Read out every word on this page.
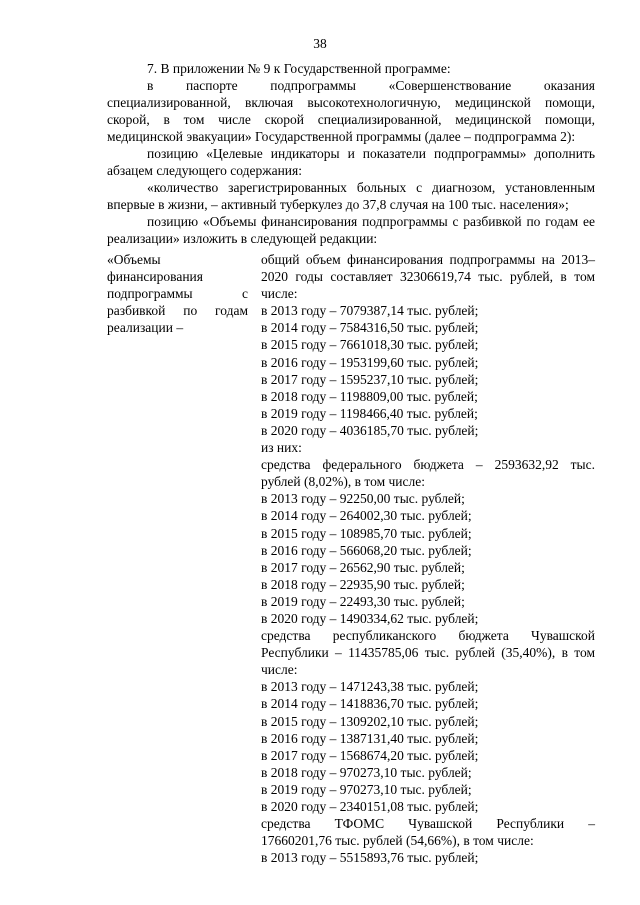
38

7. В приложении № 9 к Государственной программе:

в паспорте подпрограммы «Совершенствование оказания специализированной, включая высокотехнологичную, медицинской помощи, скорой, в том числе скорой специализированной, медицинской помощи, медицинской эвакуации» Государственной программы (далее – подпрограмма 2):

позицию «Целевые индикаторы и показатели подпрограммы» дополнить абзацем следующего содержания:

«количество зарегистрированных больных с диагнозом, установленным впервые в жизни, – активный туберкулез до 37,8 случая на 100 тыс. населения»;

позицию «Объемы финансирования подпрограммы с разбивкой по годам ее реализации» изложить в следующей редакции:

«Объемы финансирования подпрограммы с разбивкой по годам реализации –

общий объем финансирования подпрограммы на 2013–2020 годы составляет 32306619,74 тыс. рублей, в том числе:

в 2013 году – 7079387,14 тыс. рублей;

в 2014 году – 7584316,50 тыс. рублей;

в 2015 году – 7661018,30 тыс. рублей;

в 2016 году – 1953199,60 тыс. рублей;

в 2017 году – 1595237,10 тыс. рублей;

в 2018 году – 1198809,00 тыс. рублей;

в 2019 году – 1198466,40 тыс. рублей;

в 2020 году – 4036185,70 тыс. рублей;

из них:

средства федерального бюджета – 2593632,92 тыс. рублей (8,02%), в том числе:

в 2013 году – 92250,00 тыс. рублей;

в 2014 году – 264002,30 тыс. рублей;

в 2015 году – 108985,70 тыс. рублей;

в 2016 году – 566068,20 тыс. рублей;

в 2017 году – 26562,90 тыс. рублей;

в 2018 году – 22935,90 тыс. рублей;

в 2019 году – 22493,30 тыс. рублей;

в 2020 году – 1490334,62 тыс. рублей;

средства республиканского бюджета Чувашской Республики – 11435785,06 тыс. рублей (35,40%), в том числе:

в 2013 году – 1471243,38 тыс. рублей;

в 2014 году – 1418836,70 тыс. рублей;

в 2015 году – 1309202,10 тыс. рублей;

в 2016 году – 1387131,40 тыс. рублей;

в 2017 году – 1568674,20 тыс. рублей;

в 2018 году – 970273,10 тыс. рублей;

в 2019 году – 970273,10 тыс. рублей;

в 2020 году – 2340151,08 тыс. рублей;

средства ТФОМС Чувашской Республики –

17660201,76 тыс. рублей (54,66%), в том числе:

в 2013 году – 5515893,76 тыс. рублей;
